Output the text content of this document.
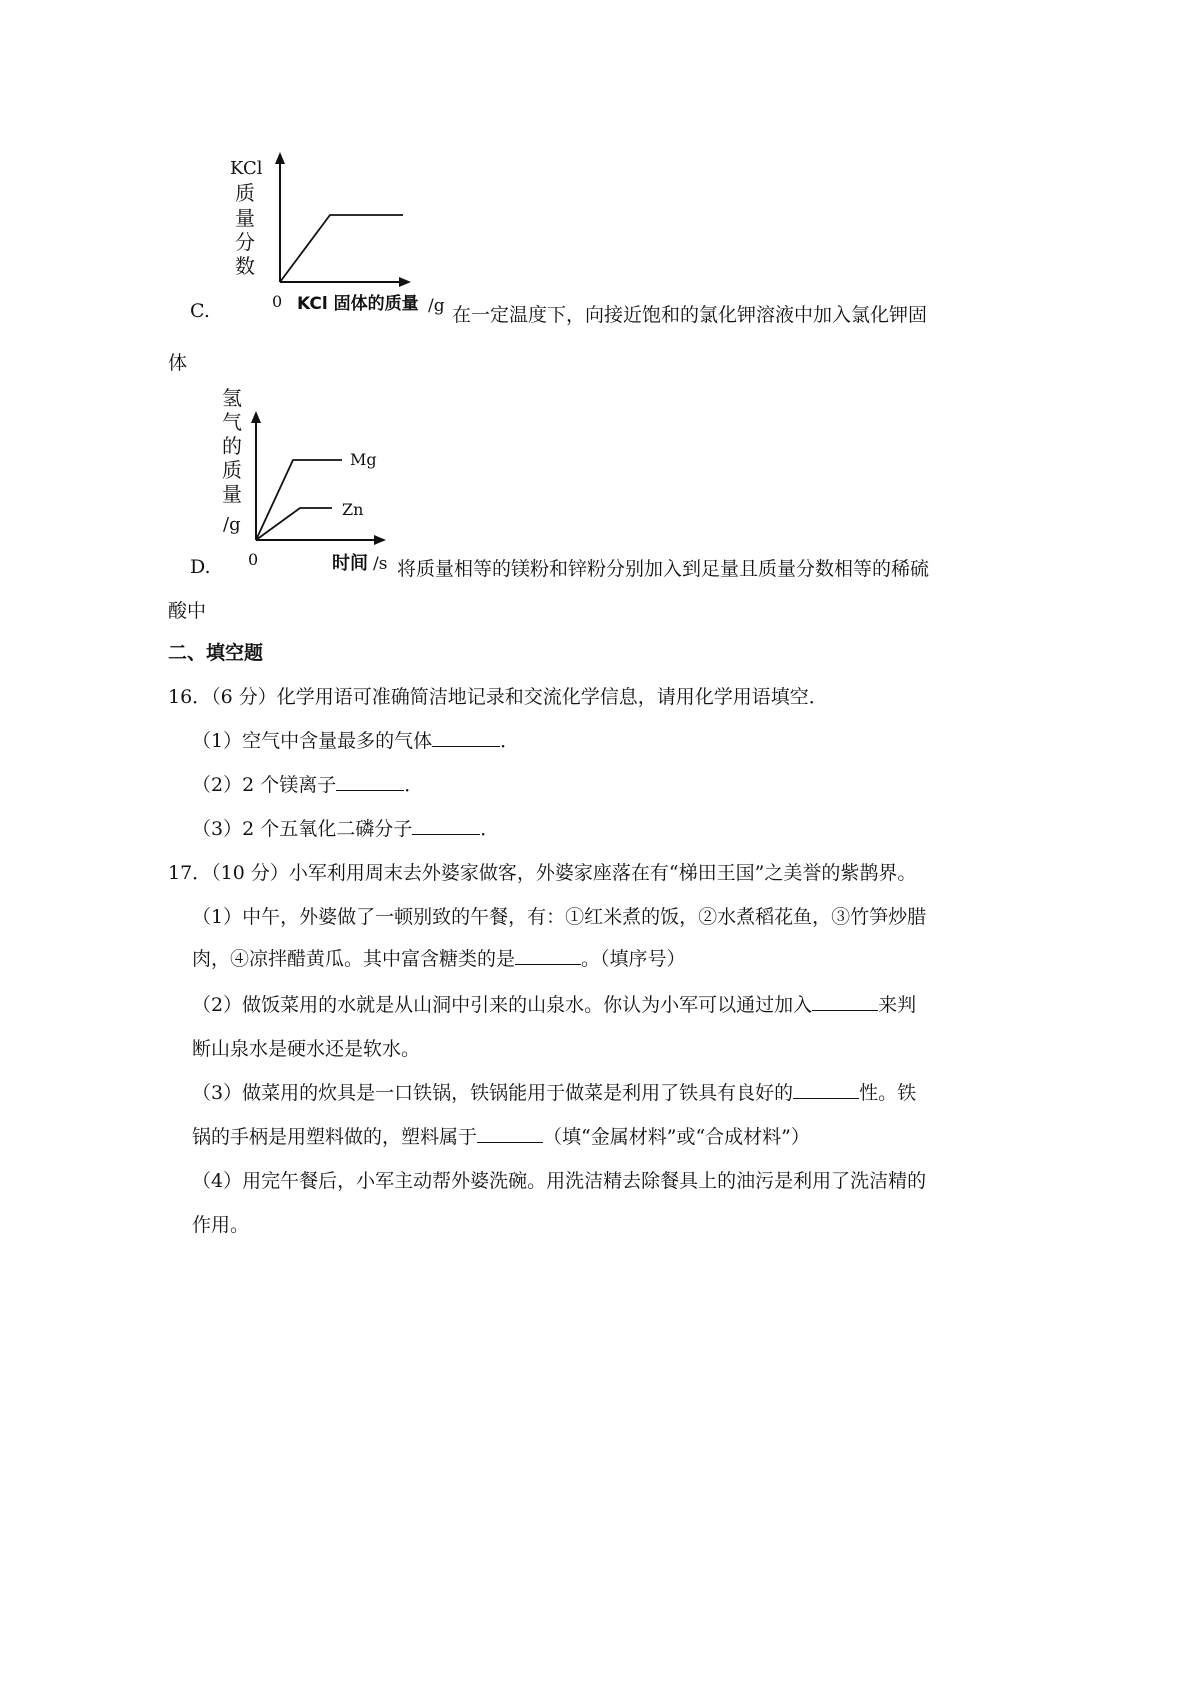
KCl
质
量
分
数
0 KCl 固体的质量 /g
C.	在一定温度下，向接近饱和的氯化钾溶液中加入氯化钾固
体
氢
气
的
质
量
/g
Mg
Zn
0	时间 /s
D.	将质量相等的镁粉和锌粉分别加入到足量且质量分数相等的稀硫
酸中
二、填空题
16．（6 分）化学用语可准确简洁地记录和交流化学信息，请用化学用语填空．
（1）空气中含量最多的气体	．
（2）2 个镁离子	．
（3）2 个五氧化二磷分子	．
17．（10 分）小军利用周末去外婆家做客，外婆家座落在有“梯田王国”之美誉的紫鹊界。
（1）中午，外婆做了一顿别致的午餐，有：①红米煮的饭，②水煮稻花鱼，③竹笋炒腊
肉，④凉拌醋黄瓜。其中富含糖类的是	。（填序号）
（2）做饭菜用的水就是从山洞中引来的山泉水。你认为小军可以通过加入	来判
断山泉水是硬水还是软水。
（3）做菜用的炊具是一口铁锅，铁锅能用于做菜是利用了铁具有良好的	性。铁
锅的手柄是用塑料做的，塑料属于	（填“金属材料”或“合成材料”）
（4）用完午餐后，小军主动帮外婆洗碗。用洗洁精去除餐具上的油污是利用了洗洁精的
作用。
